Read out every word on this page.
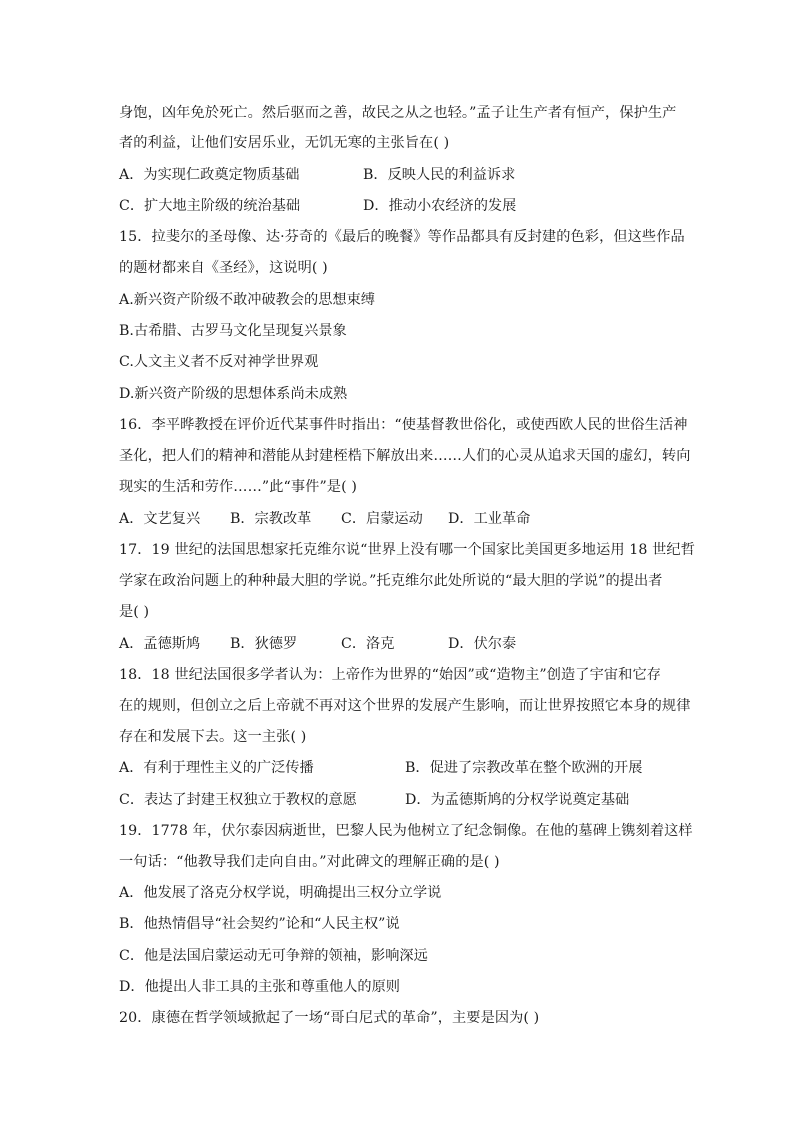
身饱，凶年免於死亡。然后驱而之善，故民之从之也轻。”孟子让生产者有恒产，保护生产
者的利益，让他们安居乐业，无饥无寒的主张旨在( )
A．为实现仁政奠定物质基础	B．反映人民的利益诉求
C．扩大地主阶级的统治基础	D．推动小农经济的发展
15．拉斐尔的圣母像、达·芬奇的《最后的晚餐》等作品都具有反封建的色彩，但这些作品
的题材都来自《圣经》，这说明( )
A.新兴资产阶级不敢冲破教会的思想束缚
B.古希腊、古罗马文化呈现复兴景象
C.人文主义者不反对神学世界观
D.新兴资产阶级的思想体系尚未成熟
16．李平晔教授在评价近代某事件时指出：“使基督教世俗化，或使西欧人民的世俗生活神
圣化，把人们的精神和潜能从封建桎梏下解放出来……人们的心灵从追求天国的虚幻，转向
现实的生活和劳作……”此“事件”是( )
A．文艺复兴 B．宗教改革 C．启蒙运动 D．工业革命
17．19 世纪的法国思想家托克维尔说“世界上没有哪一个国家比美国更多地运用 18 世纪哲
学家在政治问题上的种种最大胆的学说。”托克维尔此处所说的“最大胆的学说”的提出者
是( )
A．孟德斯鸠 B．狄德罗	C．洛克	D．伏尔泰
18．18 世纪法国很多学者认为：上帝作为世界的“始因”或“造物主”创造了宇宙和它存
在的规则，但创立之后上帝就不再对这个世界的发展产生影响，而让世界按照它本身的规律
存在和发展下去。这一主张( )
A．有利于理性主义的广泛传播	B．促进了宗教改革在整个欧洲的开展
C．表达了封建王权独立于教权的意愿	D．为孟德斯鸠的分权学说奠定基础
19．1778 年，伏尔泰因病逝世，巴黎人民为他树立了纪念铜像。在他的墓碑上镌刻着这样
一句话：“他教导我们走向自由。”对此碑文的理解正确的是( )
A．他发展了洛克分权学说，明确提出三权分立学说
B．他热情倡导“社会契约”论和“人民主权”说
C．他是法国启蒙运动无可争辩的领袖，影响深远
D．他提出人非工具的主张和尊重他人的原则
20．康德在哲学领域掀起了一场“哥白尼式的革命”，主要是因为( )
